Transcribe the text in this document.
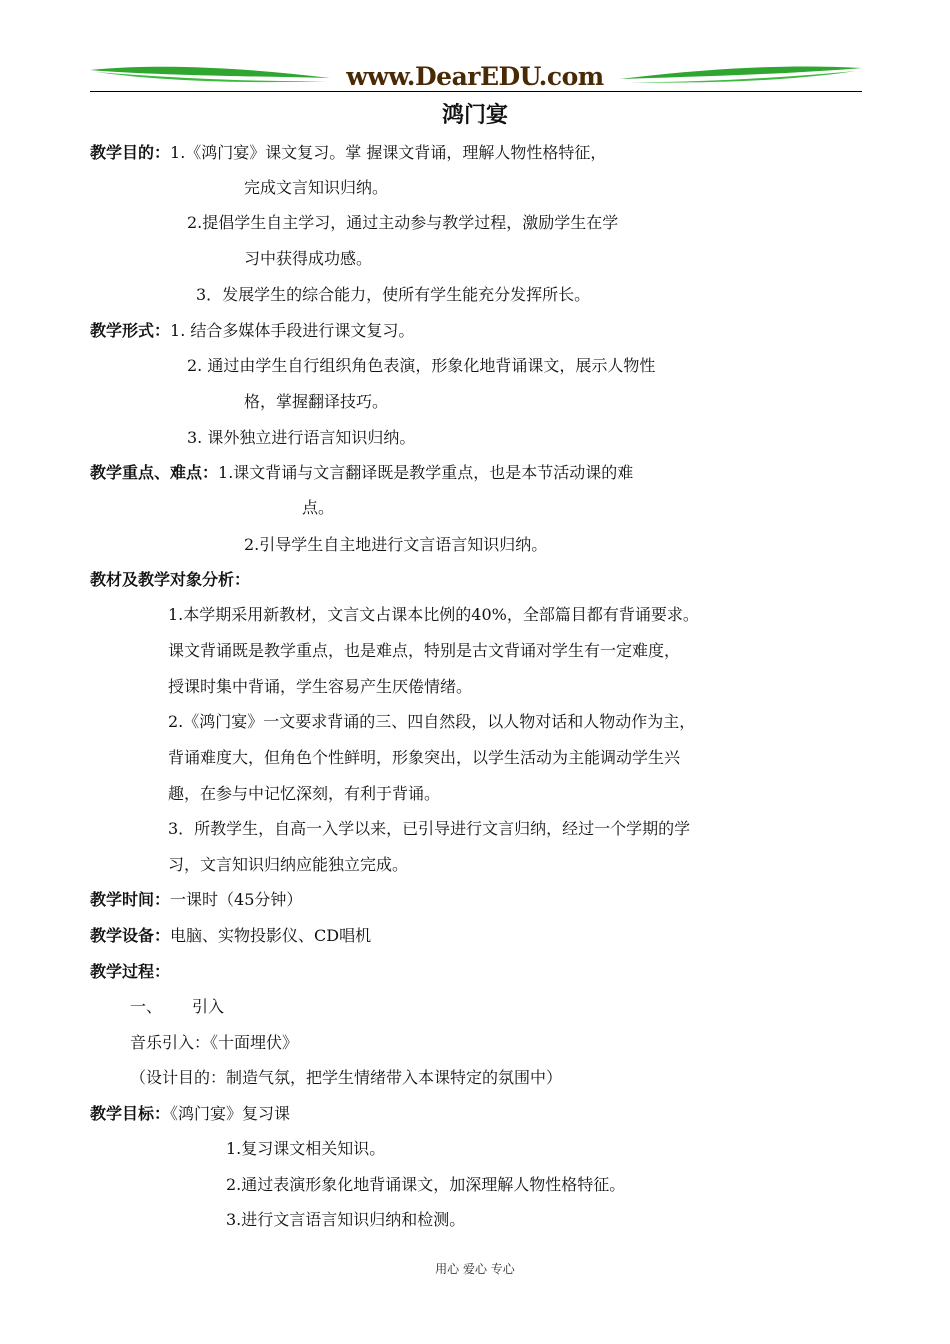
www.DearEDU.com
鸿门宴
教学目的：1.《鸿门宴》课文复习。掌 握课文背诵，理解人物性格特征，
完成文言知识归纳。
2.提倡学生自主学习，通过主动参与教学过程，激励学生在学
习中获得成功感。
3．发展学生的综合能力，使所有学生能充分发挥所长。
教学形式：1. 结合多媒体手段进行课文复习。
2. 通过由学生自行组织角色表演，形象化地背诵课文，展示人物性
格，掌握翻译技巧。
3. 课外独立进行语言知识归纳。
教学重点、难点：1.课文背诵与文言翻译既是教学重点，也是本节活动课的难
点。
2.引导学生自主地进行文言语言知识归纳。
教材及教学对象分析：
1.本学期采用新教材，文言文占课本比例的40%，全部篇目都有背诵要求。
课文背诵既是教学重点，也是难点，特别是古文背诵对学生有一定难度，
授课时集中背诵，学生容易产生厌倦情绪。
2.《鸿门宴》一文要求背诵的三、四自然段，以人物对话和人物动作为主，
背诵难度大，但角色个性鲜明，形象突出，以学生活动为主能调动学生兴
趣，在参与中记忆深刻，有利于背诵。
3．所教学生，自高一入学以来，已引导进行文言归纳，经过一个学期的学
习，文言知识归纳应能独立完成。
教学时间：一课时（45分钟）
教学设备：电脑、实物投影仪、CD唱机
教学过程：
一、 引入
音乐引入：《十面埋伏》
（设计目的：制造气氛，把学生情绪带入本课特定的氛围中）
教学目标：《鸿门宴》复习课
1.复习课文相关知识。
2.通过表演形象化地背诵课文，加深理解人物性格特征。
3.进行文言语言知识归纳和检测。
用心 爱心 专心
